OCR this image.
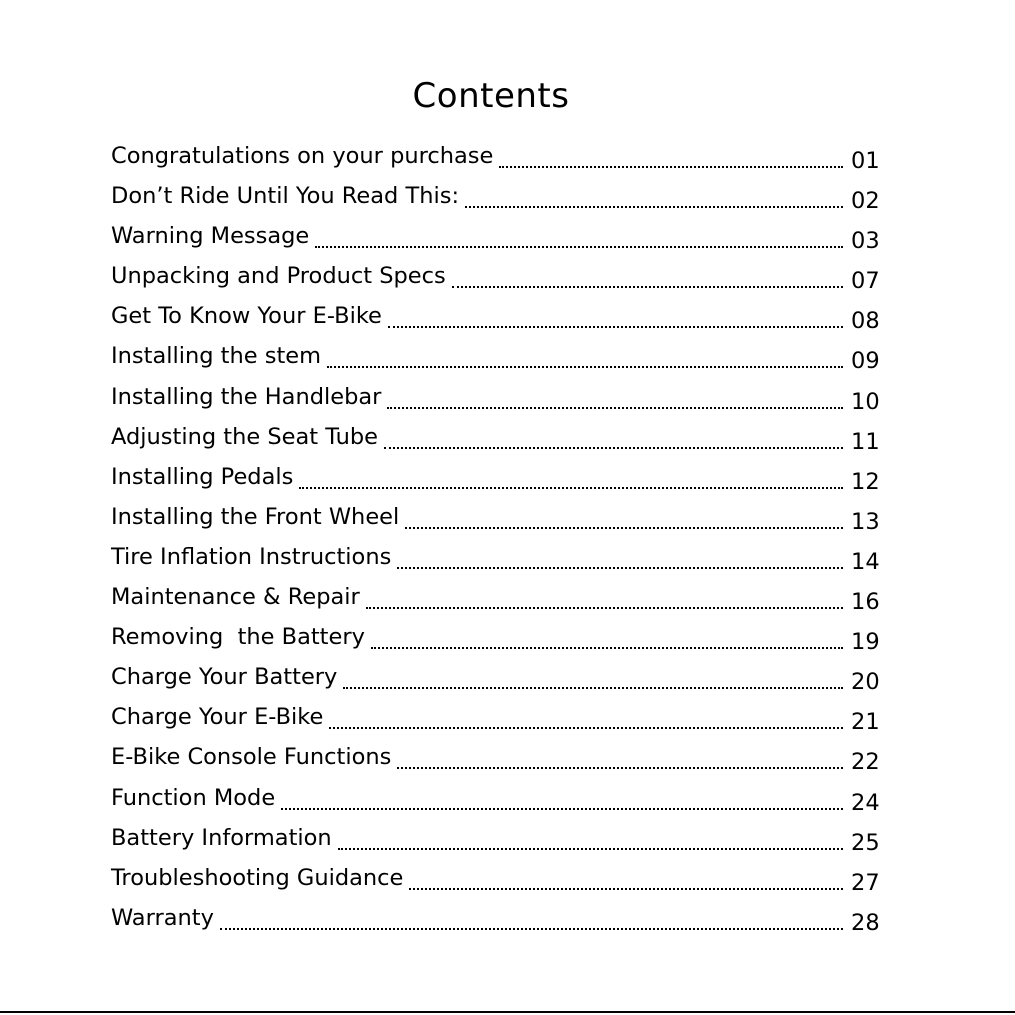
Contents
Congratulations on your purchase	01
Don’t Ride Until You Read This:	02
Warning Message	03
Unpacking and Product Specs	07
Get To Know Your E-Bike	08
Installing the stem	09
Installing the Handlebar	10
Adjusting the Seat Tube	11
Installing Pedals	12
Installing the Front Wheel	13
Tire Inflation Instructions	14
Maintenance & Repair	16
Removing  the Battery	19
Charge Your Battery	20
Charge Your E-Bike	21
E-Bike Console Functions	22
Function Mode	24
Battery Information	25
Troubleshooting Guidance	27
Warranty	28
